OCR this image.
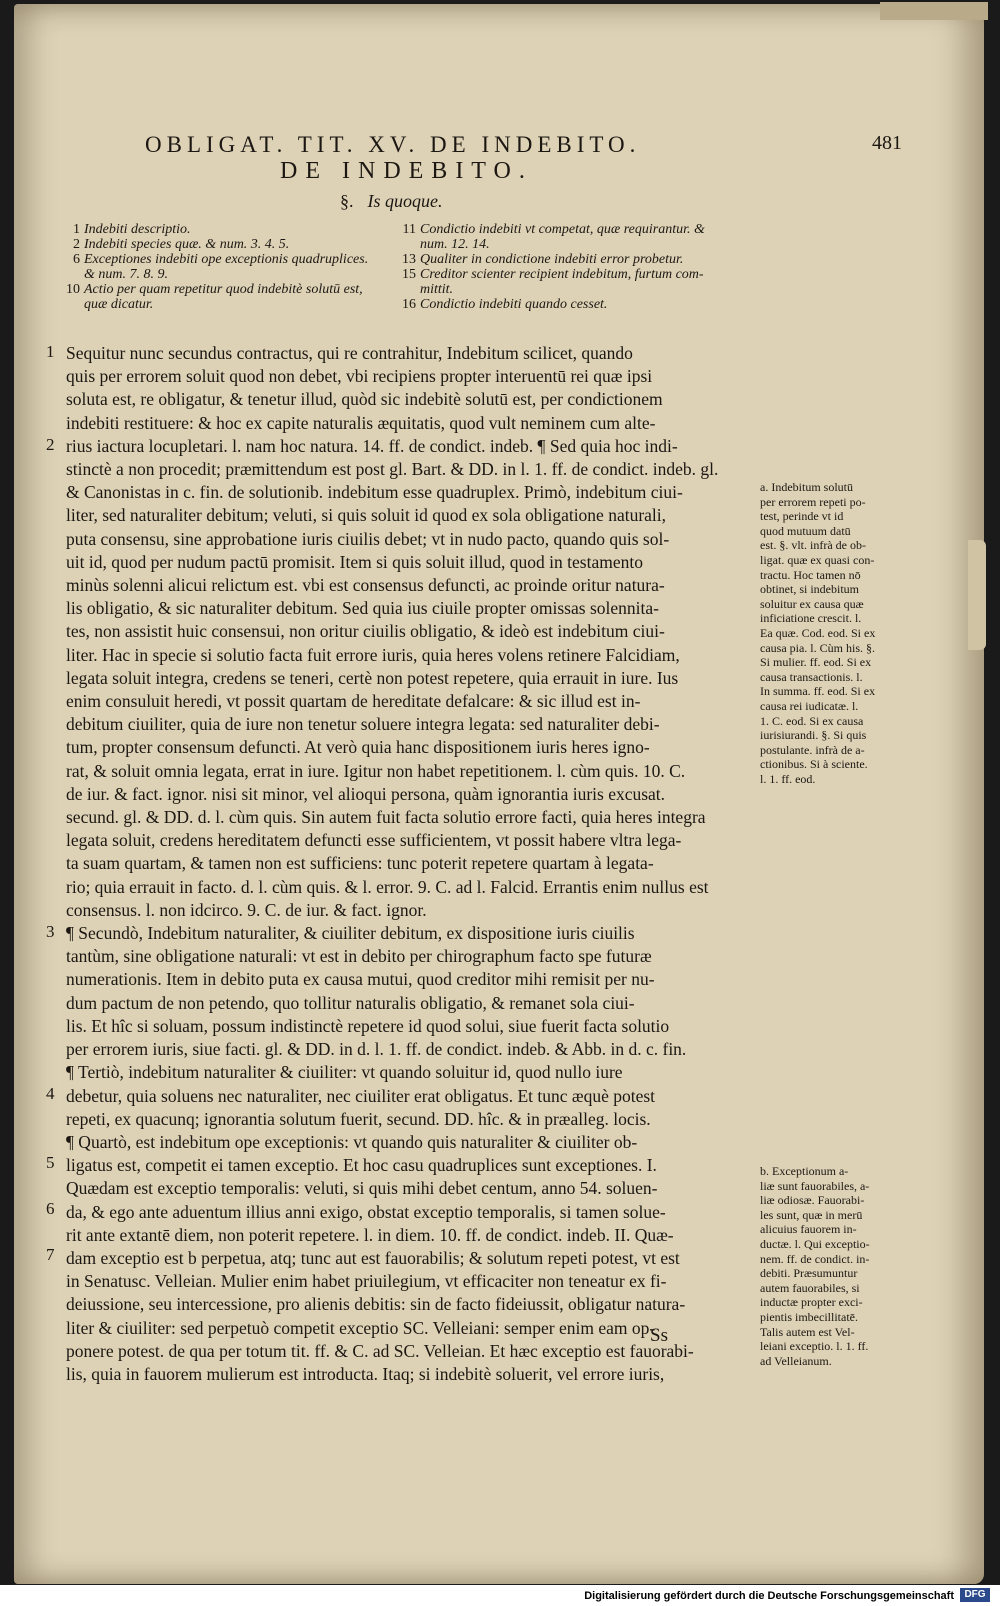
OBLIGAT. TIT. XV. DE INDEBITO.	481
DE INDEBITO.
§. Is quoque.
1 Indebiti descriptio.
2 Indebiti species quæ. & num. 3. 4. 5.
6 Exceptiones indebiti ope exceptionis quadruplices.
& num. 7. 8. 9.
10 Actio per quam repetitur quod indebitè solutū est,
quæ dicatur.
11 Condictio indebiti vt competat, quæ requirantur. &
num. 12. 14.
13 Qualiter in condictione indebiti error probetur.
15 Creditor scienter recipient indebitum, furtum com-
mittit.
16 Condictio indebiti quando cesset.
1
2
3
4
5
6
7
Sequitur nunc secundus contractus, qui re contrahitur, Indebitum scilicet, quando
quis per errorem soluit quod non debet, vbi recipiens propter interuentū rei quæ ipsi
soluta est, re obligatur, & tenetur illud, quòd sic indebitè solutū est, per condictionem
indebiti restituere: & hoc ex capite naturalis æquitatis, quod vult neminem cum alte-
rius iactura locupletari. l. nam hoc natura. 14. ff. de condict. indeb. ¶ Sed quia hoc indi-
stinctè a non procedit; præmittendum est post gl. Bart. & DD. in l. 1. ff. de condict. indeb. gl.
& Canonistas in c. fin. de solutionib. indebitum esse quadruplex. Primò, indebitum ciui-
liter, sed naturaliter debitum; veluti, si quis soluit id quod ex sola obligatione naturali,
puta consensu, sine approbatione iuris ciuilis debet; vt in nudo pacto, quando quis sol-
uit id, quod per nudum pactū promisit. Item si quis soluit illud, quod in testamento
minùs solenni alicui relictum est. vbi est consensus defuncti, ac proinde oritur natura-
lis obligatio, & sic naturaliter debitum. Sed quia ius ciuile propter omissas solennita-
tes, non assistit huic consensui, non oritur ciuilis obligatio, & ideò est indebitum ciui-
liter. Hac in specie si solutio facta fuit errore iuris, quia heres volens retinere Falcidiam,
legata soluit integra, credens se teneri, certè non potest repetere, quia errauit in iure. Ius
enim consuluit heredi, vt possit quartam de hereditate defalcare: & sic illud est in-
debitum ciuiliter, quia de iure non tenetur soluere integra legata: sed naturaliter debi-
tum, propter consensum defuncti. At verò quia hanc dispositionem iuris heres igno-
rat, & soluit omnia legata, errat in iure. Igitur non habet repetitionem. l. cùm quis. 10. C.
de iur. & fact. ignor. nisi sit minor, vel alioqui persona, quàm ignorantia iuris excusat.
secund. gl. & DD. d. l. cùm quis. Sin autem fuit facta solutio errore facti, quia heres integra
legata soluit, credens hereditatem defuncti esse sufficientem, vt possit habere vltra lega-
ta suam quartam, & tamen non est sufficiens: tunc poterit repetere quartam à legata-
rio; quia errauit in facto. d. l. cùm quis. & l. error. 9. C. ad l. Falcid. Errantis enim nullus est
consensus. l. non idcirco. 9. C. de iur. & fact. ignor.
¶ Secundò, Indebitum naturaliter, & ciuiliter debitum, ex dispositione iuris ciuilis
tantùm, sine obligatione naturali: vt est in debito per chirographum facto spe futuræ
numerationis. Item in debito puta ex causa mutui, quod creditor mihi remisit per nu-
dum pactum de non petendo, quo tollitur naturalis obligatio, & remanet sola ciui-
lis. Et hîc si soluam, possum indistinctè repetere id quod solui, siue fuerit facta solutio
per errorem iuris, siue facti. gl. & DD. in d. l. 1. ff. de condict. indeb. & Abb. in d. c. fin.
¶ Tertiò, indebitum naturaliter & ciuiliter: vt quando soluitur id, quod nullo iure
debetur, quia soluens nec naturaliter, nec ciuiliter erat obligatus. Et tunc æquè potest
repeti, ex quacunq; ignorantia solutum fuerit, secund. DD. hîc. & in præalleg. locis.
¶ Quartò, est indebitum ope exceptionis: vt quando quis naturaliter & ciuiliter ob-
ligatus est, competit ei tamen exceptio. Et hoc casu quadruplices sunt exceptiones. I.
Quædam est exceptio temporalis: veluti, si quis mihi debet centum, anno 54. soluen-
da, & ego ante aduentum illius anni exigo, obstat exceptio temporalis, si tamen solue-
rit ante extantē diem, non poterit repetere. l. in diem. 10. ff. de condict. indeb. II. Quæ-
dam exceptio est b perpetua, atq; tunc aut est fauorabilis; & solutum repeti potest, vt est
in Senatusc. Velleian. Mulier enim habet priuilegium, vt efficaciter non teneatur ex fi-
deiussione, seu intercessione, pro alienis debitis: sin de facto fideiussit, obligatur natura-
liter & ciuiliter: sed perpetuò competit exceptio SC. Velleiani: semper enim eam op-
ponere potest. de qua per totum tit. ff. & C. ad SC. Velleian. Et hæc exceptio est fauorabi-
lis, quia in fauorem mulierum est introducta. Itaq; si indebitè soluerit, vel errore iuris,
a. Indebitum solutū
per errorem repeti po-
test, perinde vt id
quod mutuum datū
est. §. vlt. infrà de ob-
ligat. quæ ex quasi con-
tractu. Hoc tamen nō
obtinet, si indebitum
soluitur ex causa quæ
inficiatione crescit. l.
Ea quæ. Cod. eod. Si ex
causa pia. l. Cùm his. §.
Si mulier. ff. eod. Si ex
causa transactionis. l.
In summa. ff. eod. Si ex
causa rei iudicatæ. l.
1. C. eod. Si ex causa
iurisiurandi. §. Si quis
postulante. infrà de a-
ctionibus. Si à sciente.
l. 1. ff. eod.
b. Exceptionum a-
liæ sunt fauorabiles, a-
liæ odiosæ. Fauorabi-
les sunt, quæ in merū
alicuius fauorem in-
ductæ. l. Qui exceptio-
nem. ff. de condict. in-
debiti. Præsumuntur
autem fauorabiles, si
inductæ propter exci-
pientis imbecillitatē.
Talis autem est Vel-
leiani exceptio. l. 1. ff.
ad Velleianum.
Ss
Digitalisierung gefördert durch die Deutsche Forschungsgemeinschaft	DFG
